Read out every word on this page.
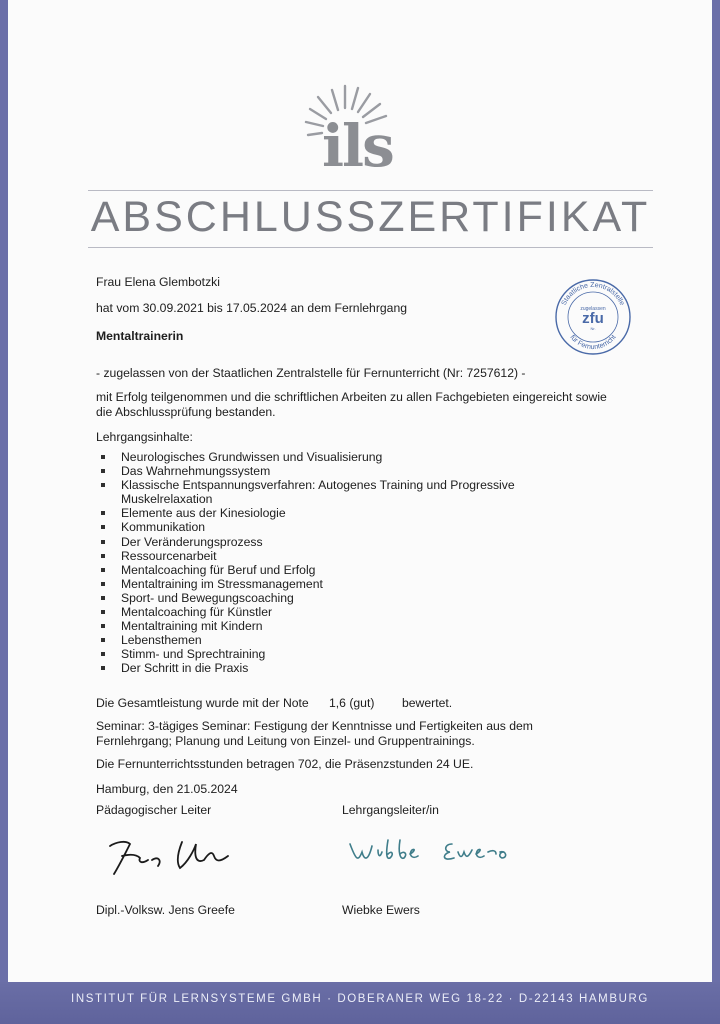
ils
ABSCHLUSSZERTIFIKAT
Frau Elena Glembotzki
hat vom 30.09.2021 bis 17.05.2024 an dem Fernlehrgang
Mentaltrainerin
- zugelassen von der Staatlichen Zentralstelle für Fernunterricht (Nr: 7257612) -
mit Erfolg teilgenommen und die schriftlichen Arbeiten zu allen Fachgebieten eingereicht sowie
die Abschlussprüfung bestanden.
Lehrgangsinhalte:
Neurologisches Grundwissen und Visualisierung
Das Wahrnehmungssystem
Klassische Entspannungsverfahren: Autogenes Training und Progressive
Muskelrelaxation
Elemente aus der Kinesiologie
Kommunikation
Der Veränderungsprozess
Ressourcenarbeit
Mentalcoaching für Beruf und Erfolg
Mentaltraining im Stressmanagement
Sport- und Bewegungscoaching
Mentalcoaching für Künstler
Mentaltraining mit Kindern
Lebensthemen
Stimm- und Sprechtraining
Der Schritt in die Praxis
Die Gesamtleistung wurde mit der Note 1,6 (gut) bewertet.
Seminar: 3-tägiges Seminar: Festigung der Kenntnisse und Fertigkeiten aus dem
Fernlehrgang; Planung und Leitung von Einzel- und Gruppentrainings.
Die Fernunterrichtsstunden betragen 702, die Präsenzstunden 24 UE.
Hamburg, den 21.05.2024
Pädagogischer Leiter	Lehrgangsleiter/in
Dipl.-Volksw. Jens Greefe	Wiebke Ewers
Staatliche Zentralstelle
zugelassen
zfu
Nr.
für Fernunterricht
INSTITUT FÜR LERNSYSTEME GMBH · DOBERANER WEG 18-22 · D-22143 HAMBURG
